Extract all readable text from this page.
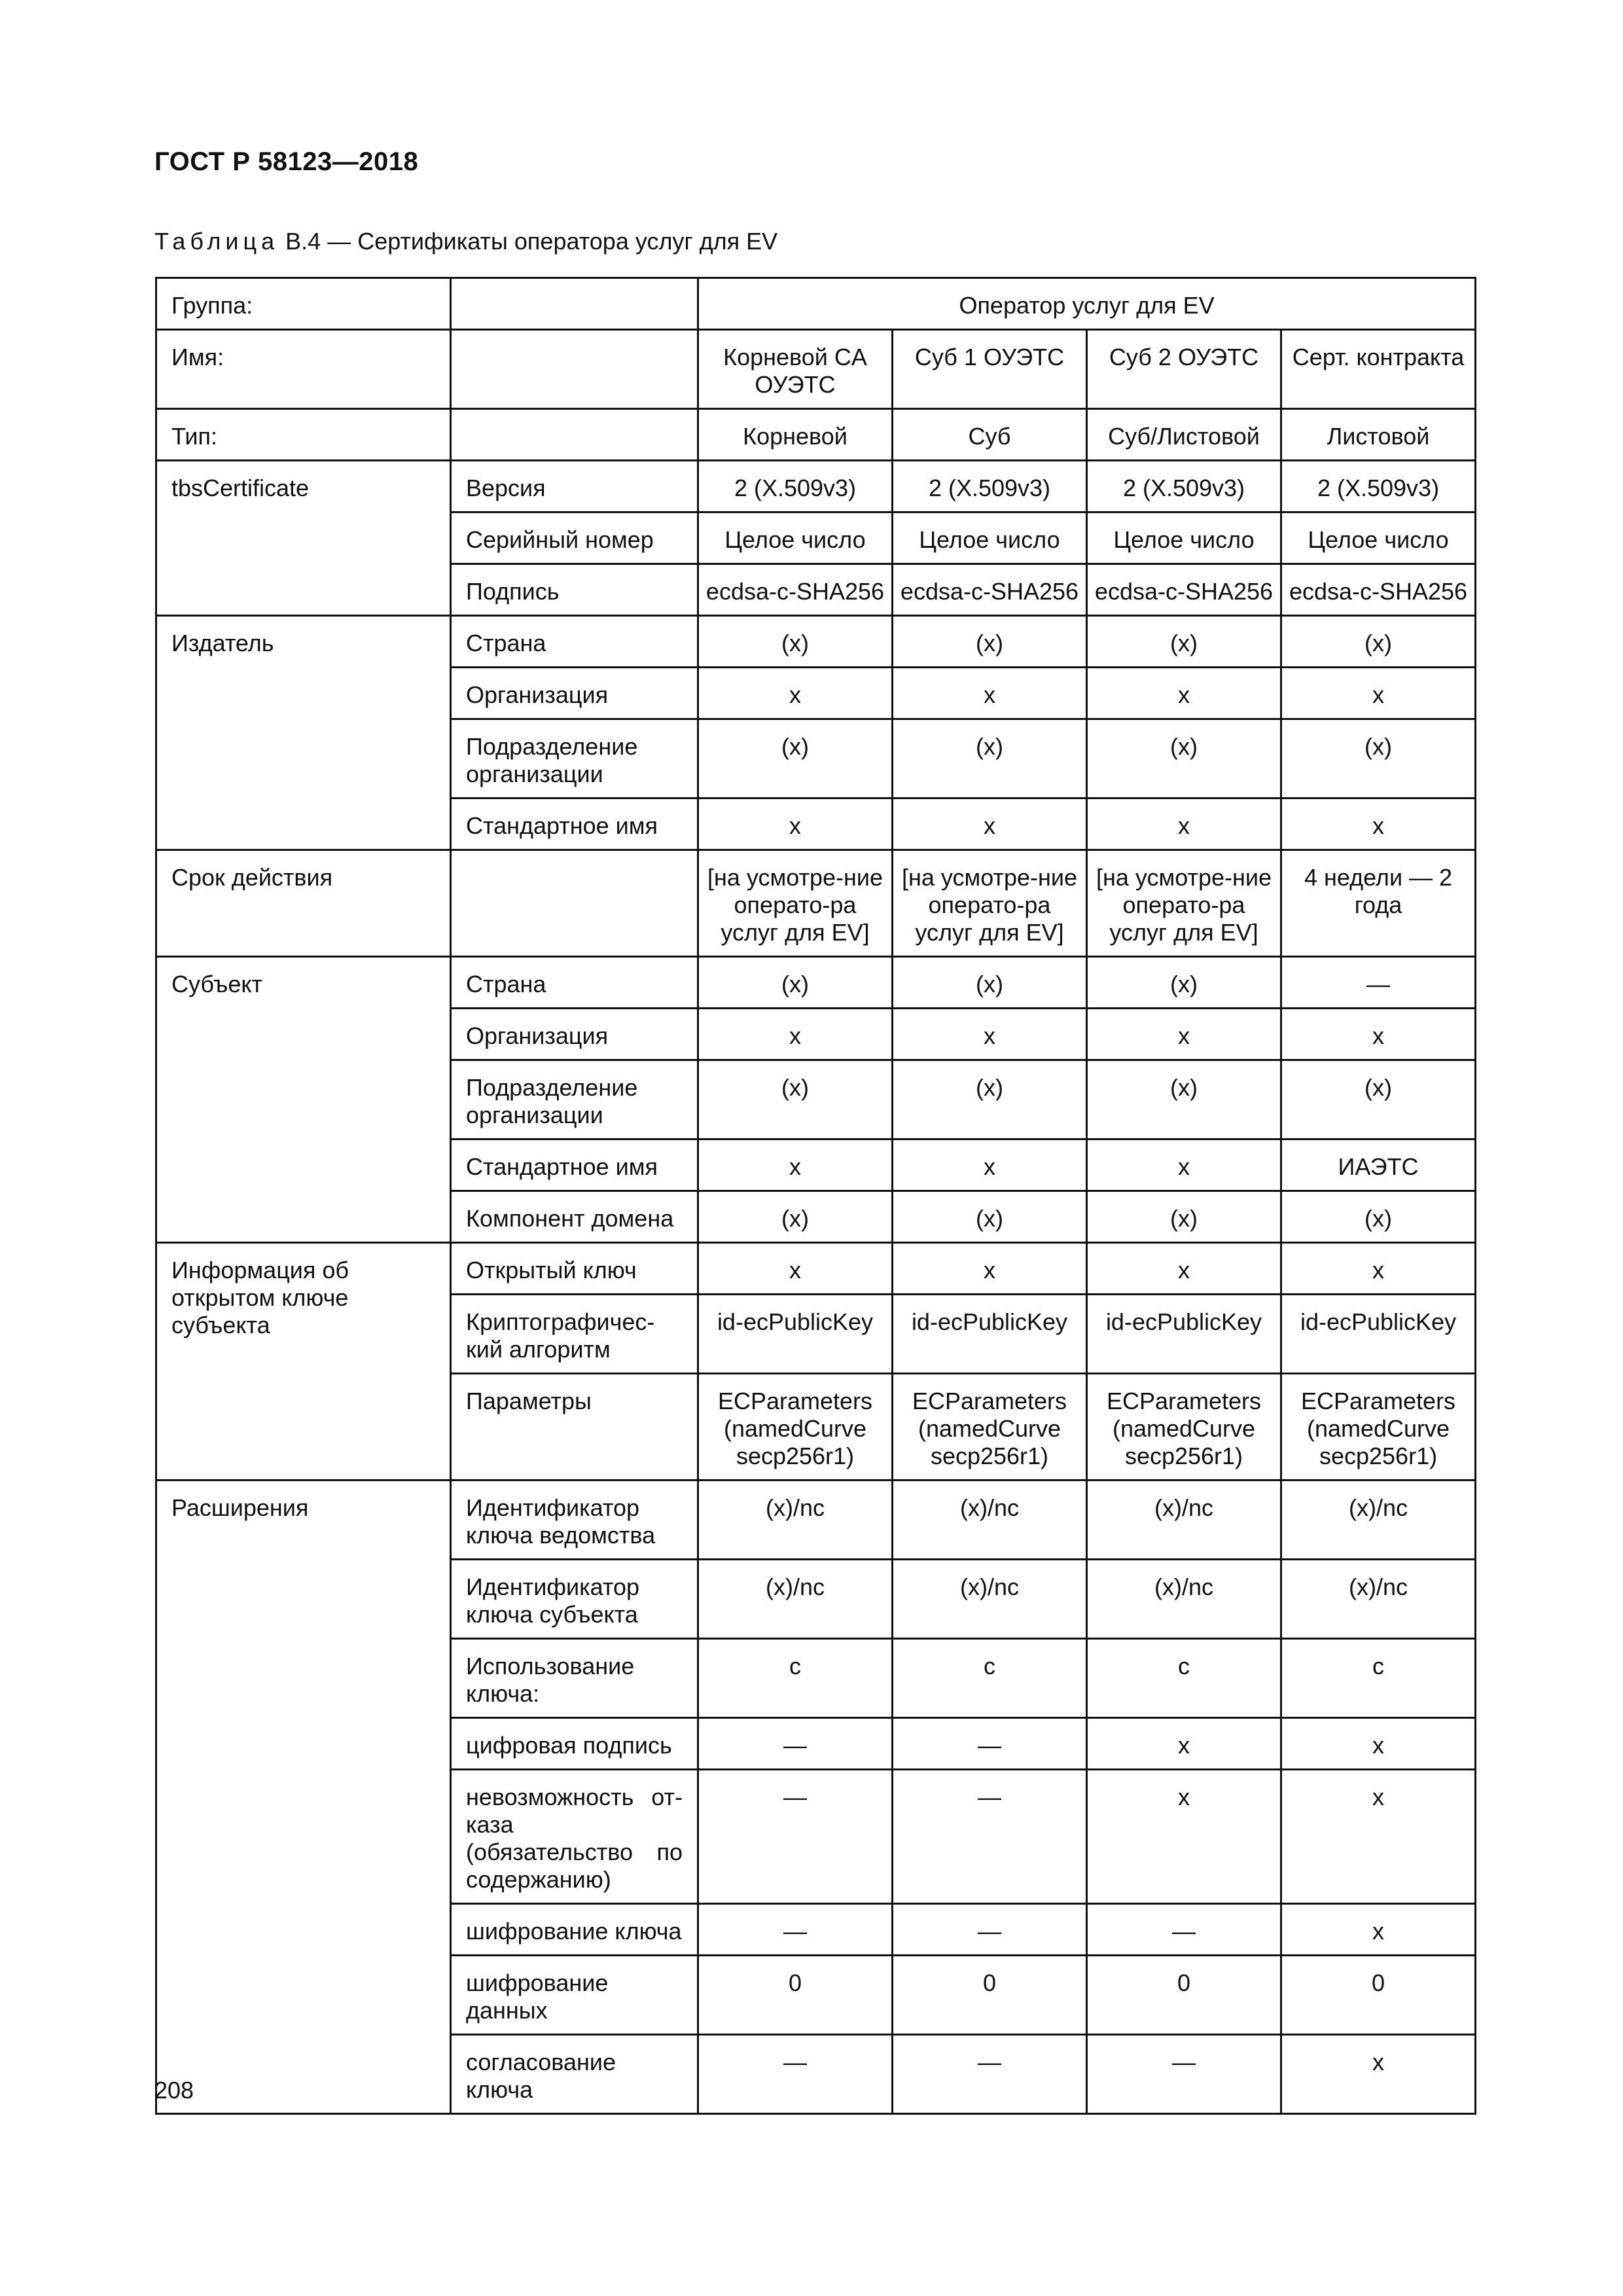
ГОСТ Р 58123—2018
Таблица В.4 — Сертификаты оператора услуг для EV
Группа:		Оператор услуг для EV			
Имя:		Корневой CA ОУЭТС	Суб 1 ОУЭТС	Суб 2 ОУЭТС	Серт. контракта
Тип:		Корневой	Суб	Суб/Листовой	Листовой
tbsCertificate	Версия	2 (X.509v3)	2 (X.509v3)	2 (X.509v3)	2 (X.509v3)
	Серийный номер	Целое число	Целое число	Целое число	Целое число
	Подпись	ecdsa-c-SHA256	ecdsa-c-SHA256	ecdsa-c-SHA256	ecdsa-c-SHA256
Издатель	Страна	(x)	(x)	(x)	(x)
	Организация	x	x	x	x
	Подразделение организации	(x)	(x)	(x)	(x)
	Стандартное имя	x	x	x	x
Срок действия		[на усмотре-ние операто-ра услуг для EV]	[на усмотре-ние операто-ра услуг для EV]	[на усмотре-ние операто-ра услуг для EV]	4 недели — 2 года
Субъект	Страна	(x)	(x)	(x)	—
	Организация	x	x	x	x
	Подразделение организации	(x)	(x)	(x)	(x)
	Стандартное имя	x	x	x	ИАЭТС
	Компонент домена	(x)	(x)	(x)	(x)
Информация об открытом ключе субъекта	Открытый ключ	x	x	x	x
	Криптографичес-кий алгоритм	id-ecPublicKey	id-ecPublicKey	id-ecPublicKey	id-ecPublicKey
	Параметры	ECParameters (namedCurve secp256r1)	ECParameters (namedCurve secp256r1)	ECParameters (namedCurve secp256r1)	ECParameters (namedCurve secp256r1)
Расширения	Идентификатор ключа ведомства	(x)/nc	(x)/nc	(x)/nc	(x)/nc
	Идентификатор ключа субъекта	(x)/nc	(x)/nc	(x)/nc	(x)/nc
	Использование ключа:	c	c	c	c
	цифровая подпись	—	—	x	x
	невозможность от-каза (обязательство по содержанию)	—	—	x	x
	шифрование ключа	—	—	—	x
	шифрование данных	0	0	0	0
	согласование ключа	—	—	—	x
208
